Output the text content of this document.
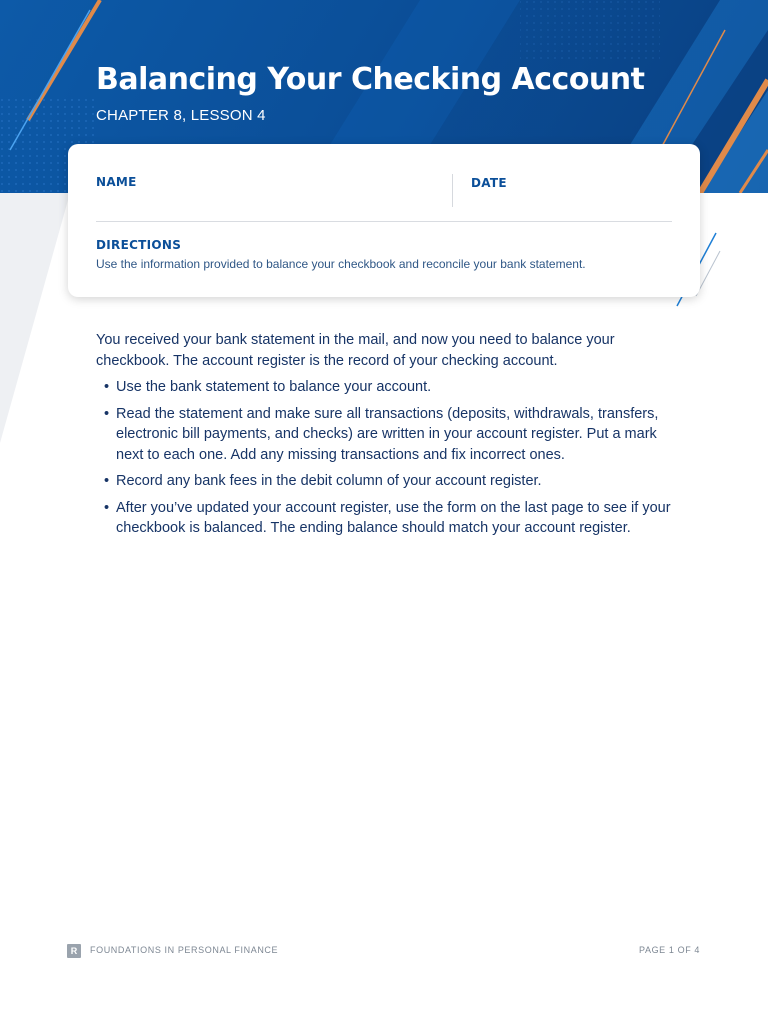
Balancing Your Checking Account
CHAPTER 8, LESSON 4
NAME	DATE
DIRECTIONS
Use the information provided to balance your checkbook and reconcile your bank statement.

You received your bank statement in the mail, and now you need to balance your checkbook. The account register is the record of your checking account.

• Use the bank statement to balance your account.
• Read the statement and make sure all transactions (deposits, withdrawals, transfers, electronic bill payments, and checks) are written in your account register. Put a mark next to each one. Add any missing transactions and fix incorrect ones.
• Record any bank fees in the debit column of your account register.
• After you’ve updated your account register, use the form on the last page to see if your checkbook is balanced. The ending balance should match your account register.
R	FOUNDATIONS IN PERSONAL FINANCE	PAGE 1 OF 4
